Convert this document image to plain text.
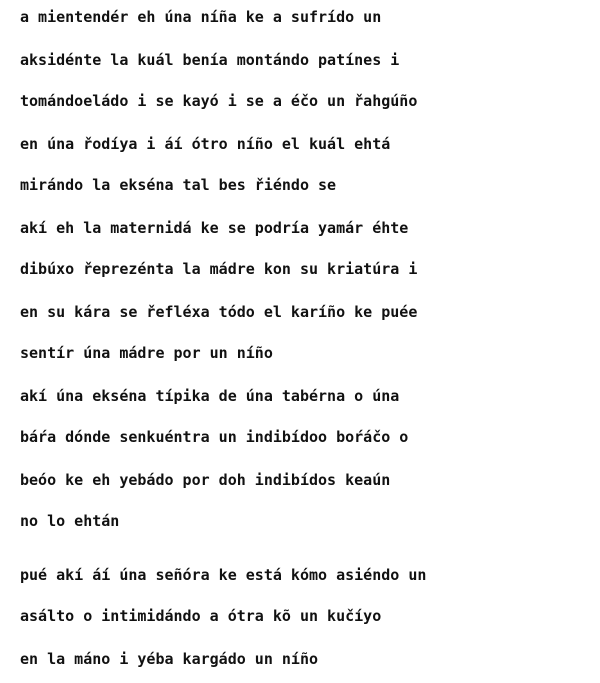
a mientendér eh úna níña ke a sufrído un
aksidénte la kuál benía montándo patínes i
tomándoeládo i se kayó i se a éčo un řahgúño
en úna řodíya i áí ótro níño el kuál ehtá
mirándo la ekséna tal bes řiéndo se
akí eh la maternidá ke se podría yamár éhte
dibúxo řeprezénta la mádre kon su kriatúra i
en su kára se řefléxa tódo el karíño ke puée
sentír úna mádre por un níño
akí úna ekséna típika de úna tabérna o úna
báŕa dónde senkuéntra un indibídoo boŕáčo o
beóo ke eh yebádo por doh indibídos keaún
no lo ehtán
pué akí áí úna señóra ke está kómo asiéndo un
asálto o intimidándo a ótra kõ un kučíyo
en la máno i yéba kargádo un níño
